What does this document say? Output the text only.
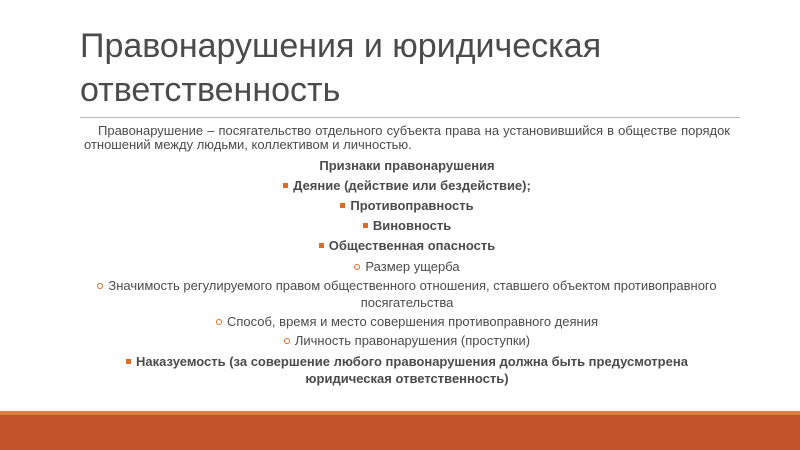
Правонарушения и юридическая ответственность

Правонарушение – посягательство отдельного субъекта права на установившийся в обществе порядок отношений между людьми, коллективом и личностью.

Признаки правонарушения

Деяние (действие или бездействие);

Противоправность

Виновность

Общественная опасность

Размер ущерба

Значимость регулируемого правом общественного отношения, ставшего объектом противоправного посягательства

Способ, время и место совершения противоправного деяния

Личность правонарушения (проступки)

Наказуемость (за совершение любого правонарушения должна быть предусмотрена юридическая ответственность)
